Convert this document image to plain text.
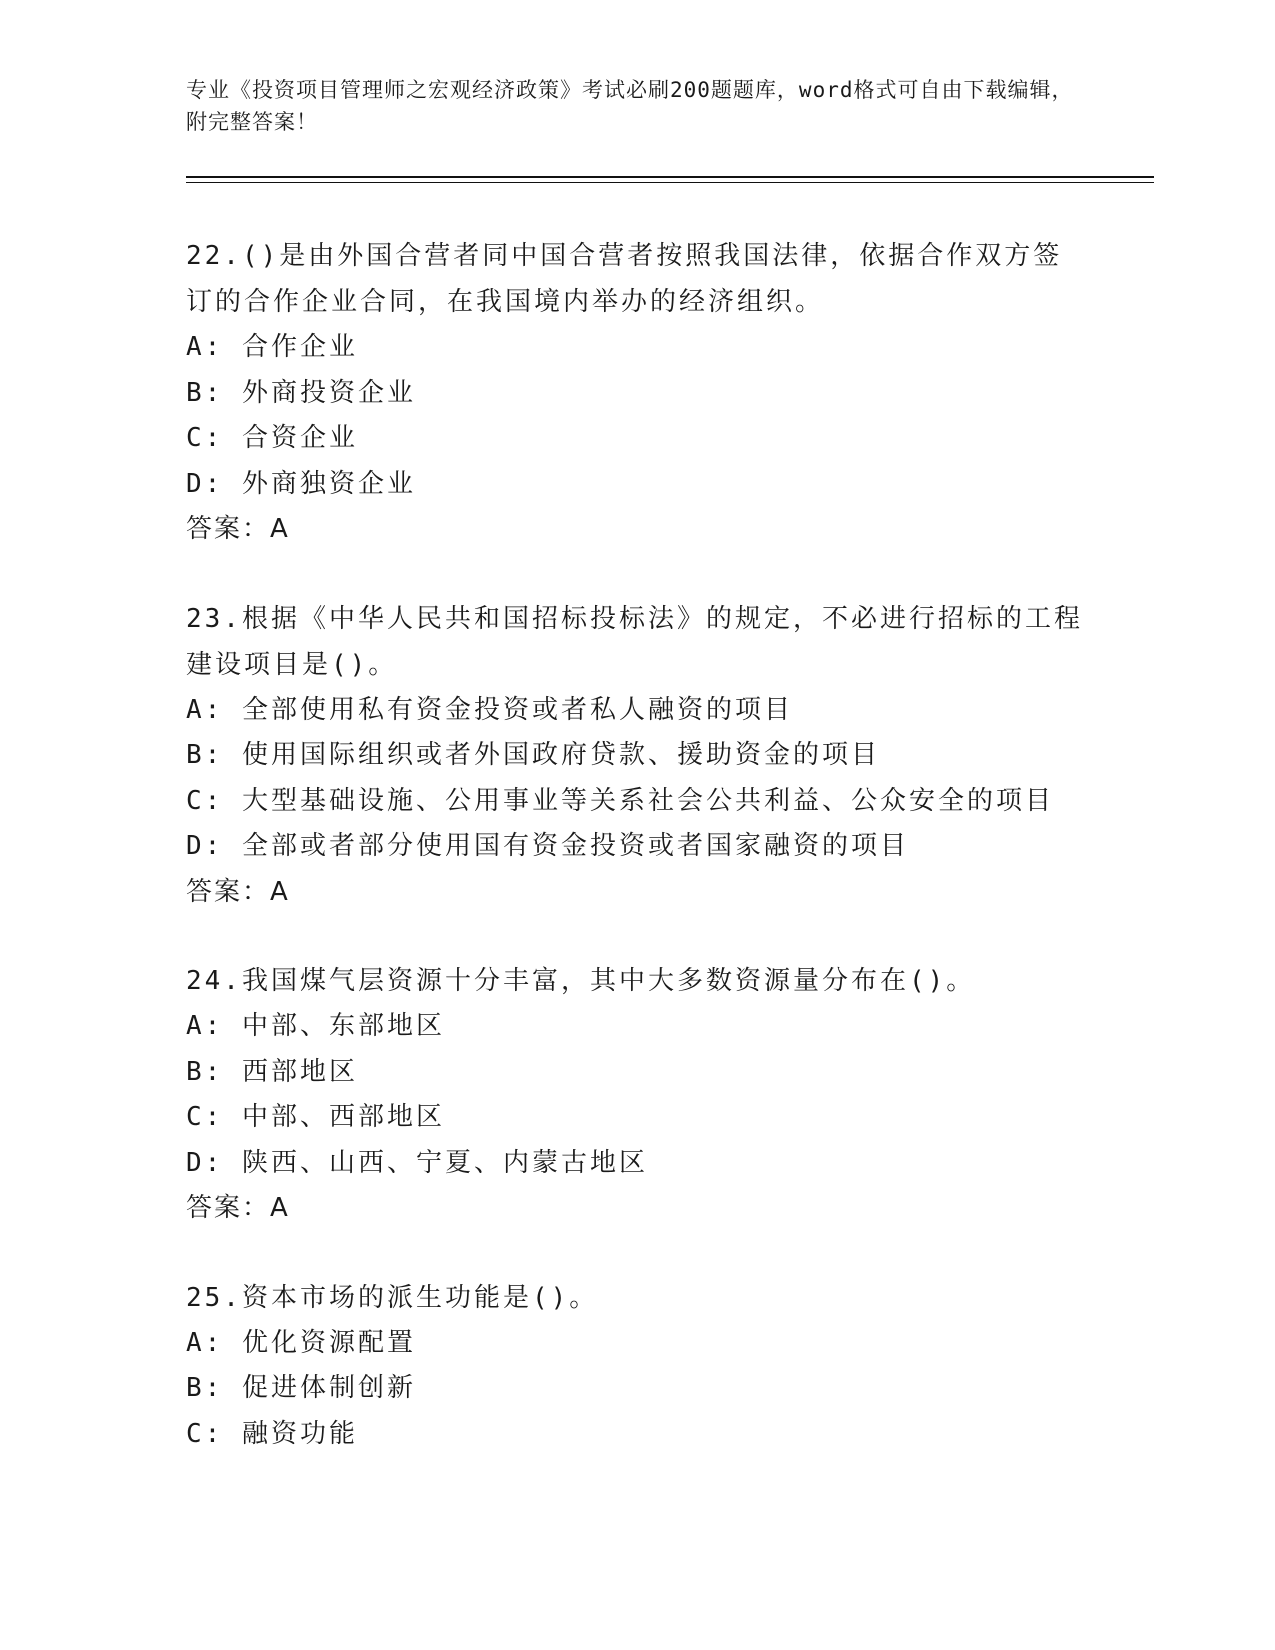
专业《投资项目管理师之宏观经济政策》考试必刷200题题库，word格式可自由下载编辑，附完整答案！
22.()是由外国合营者同中国合营者按照我国法律，依据合作双方签订的合作企业合同，在我国境内举办的经济组织。
A: 合作企业
B: 外商投资企业
C: 合资企业
D: 外商独资企业
答案：A
23.根据《中华人民共和国招标投标法》的规定，不必进行招标的工程建设项目是()。
A: 全部使用私有资金投资或者私人融资的项目
B: 使用国际组织或者外国政府贷款、援助资金的项目
C: 大型基础设施、公用事业等关系社会公共利益、公众安全的项目
D: 全部或者部分使用国有资金投资或者国家融资的项目
答案：A
24.我国煤气层资源十分丰富，其中大多数资源量分布在()。
A: 中部、东部地区
B: 西部地区
C: 中部、西部地区
D: 陕西、山西、宁夏、内蒙古地区
答案：A
25.资本市场的派生功能是()。
A: 优化资源配置
B: 促进体制创新
C: 融资功能
